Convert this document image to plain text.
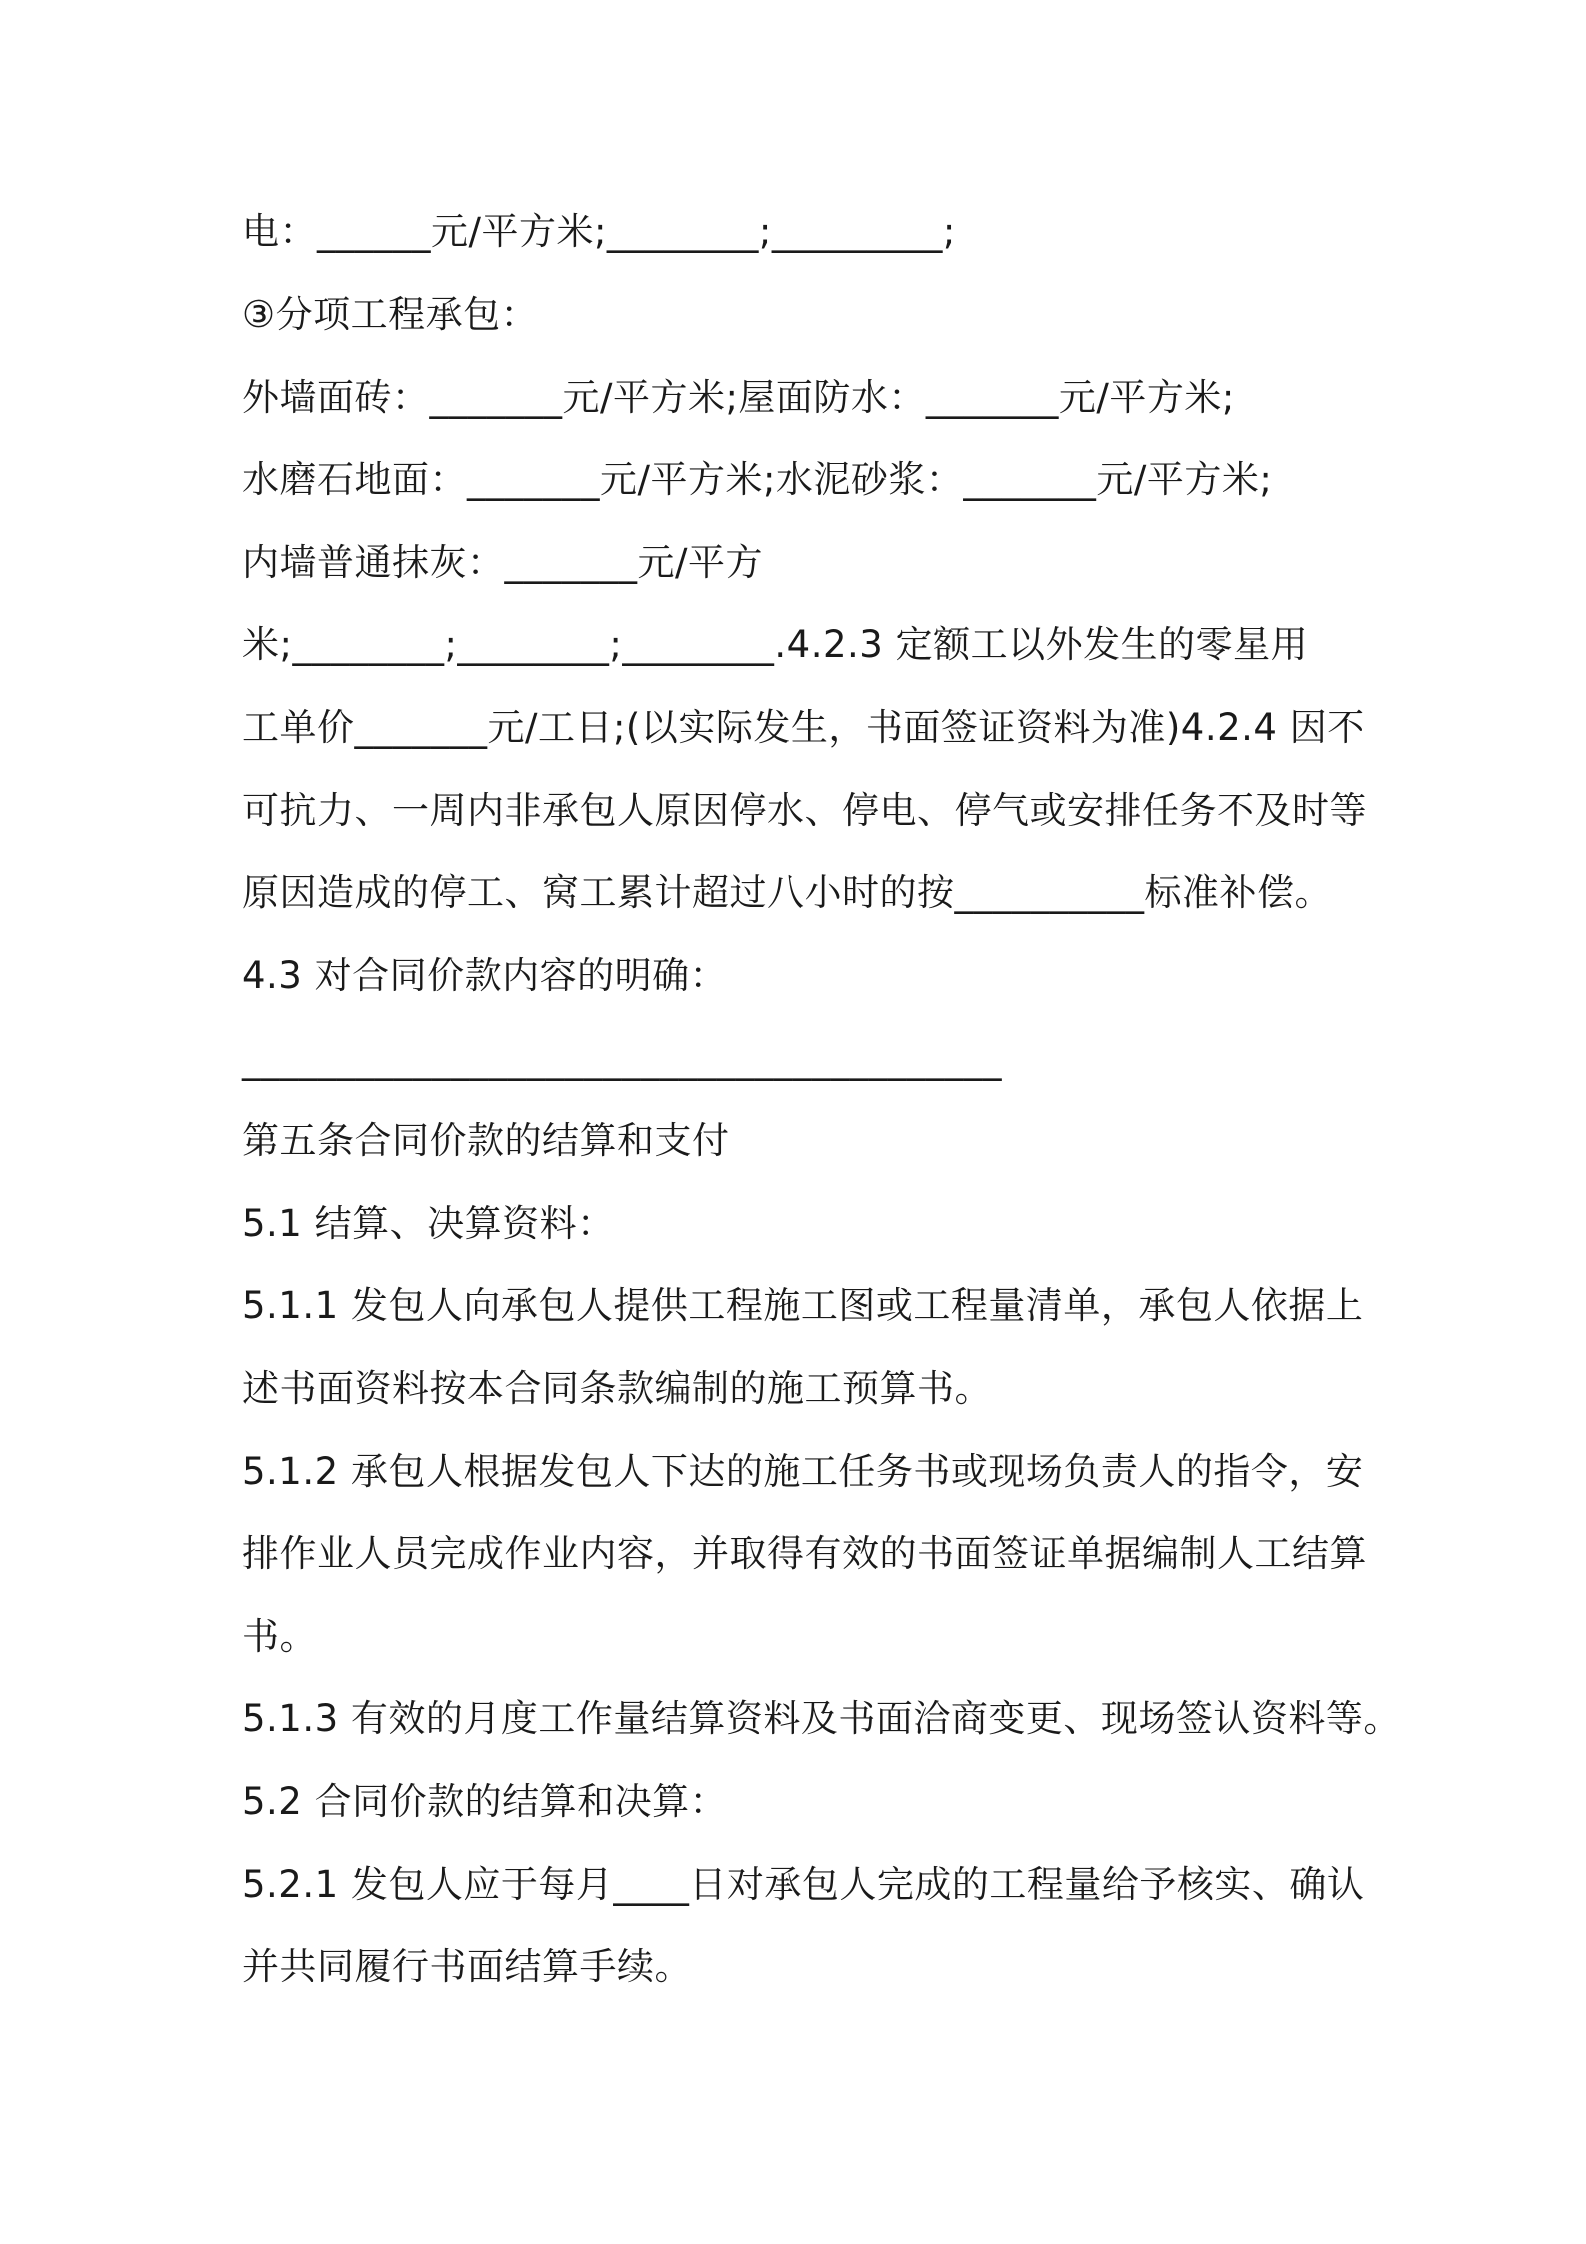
电：______元/平方米;________;_________;
③分项工程承包：
外墙面砖：_______元/平方米;屋面防水：_______元/平方米;
水磨石地面：_______元/平方米;水泥砂浆：_______元/平方米;
内墙普通抹灰：_______元/平方
米;________;________;________.4.2.3 定额工以外发生的零星用
工单价_______元/工日;(以实际发生，书面签证资料为准)4.2.4 因不
可抗力、一周内非承包人原因停水、停电、停气或安排任务不及时等
原因造成的停工、窝工累计超过八小时的按__________标准补偿。
4.3 对合同价款内容的明确：
________________________________________
第五条合同价款的结算和支付
5.1 结算、决算资料：
5.1.1 发包人向承包人提供工程施工图或工程量清单，承包人依据上
述书面资料按本合同条款编制的施工预算书。
5.1.2 承包人根据发包人下达的施工任务书或现场负责人的指令，安
排作业人员完成作业内容，并取得有效的书面签证单据编制人工结算
书。
5.1.3 有效的月度工作量结算资料及书面洽商变更、现场签认资料等。
5.2 合同价款的结算和决算：
5.2.1 发包人应于每月____日对承包人完成的工程量给予核实、确认
并共同履行书面结算手续。
